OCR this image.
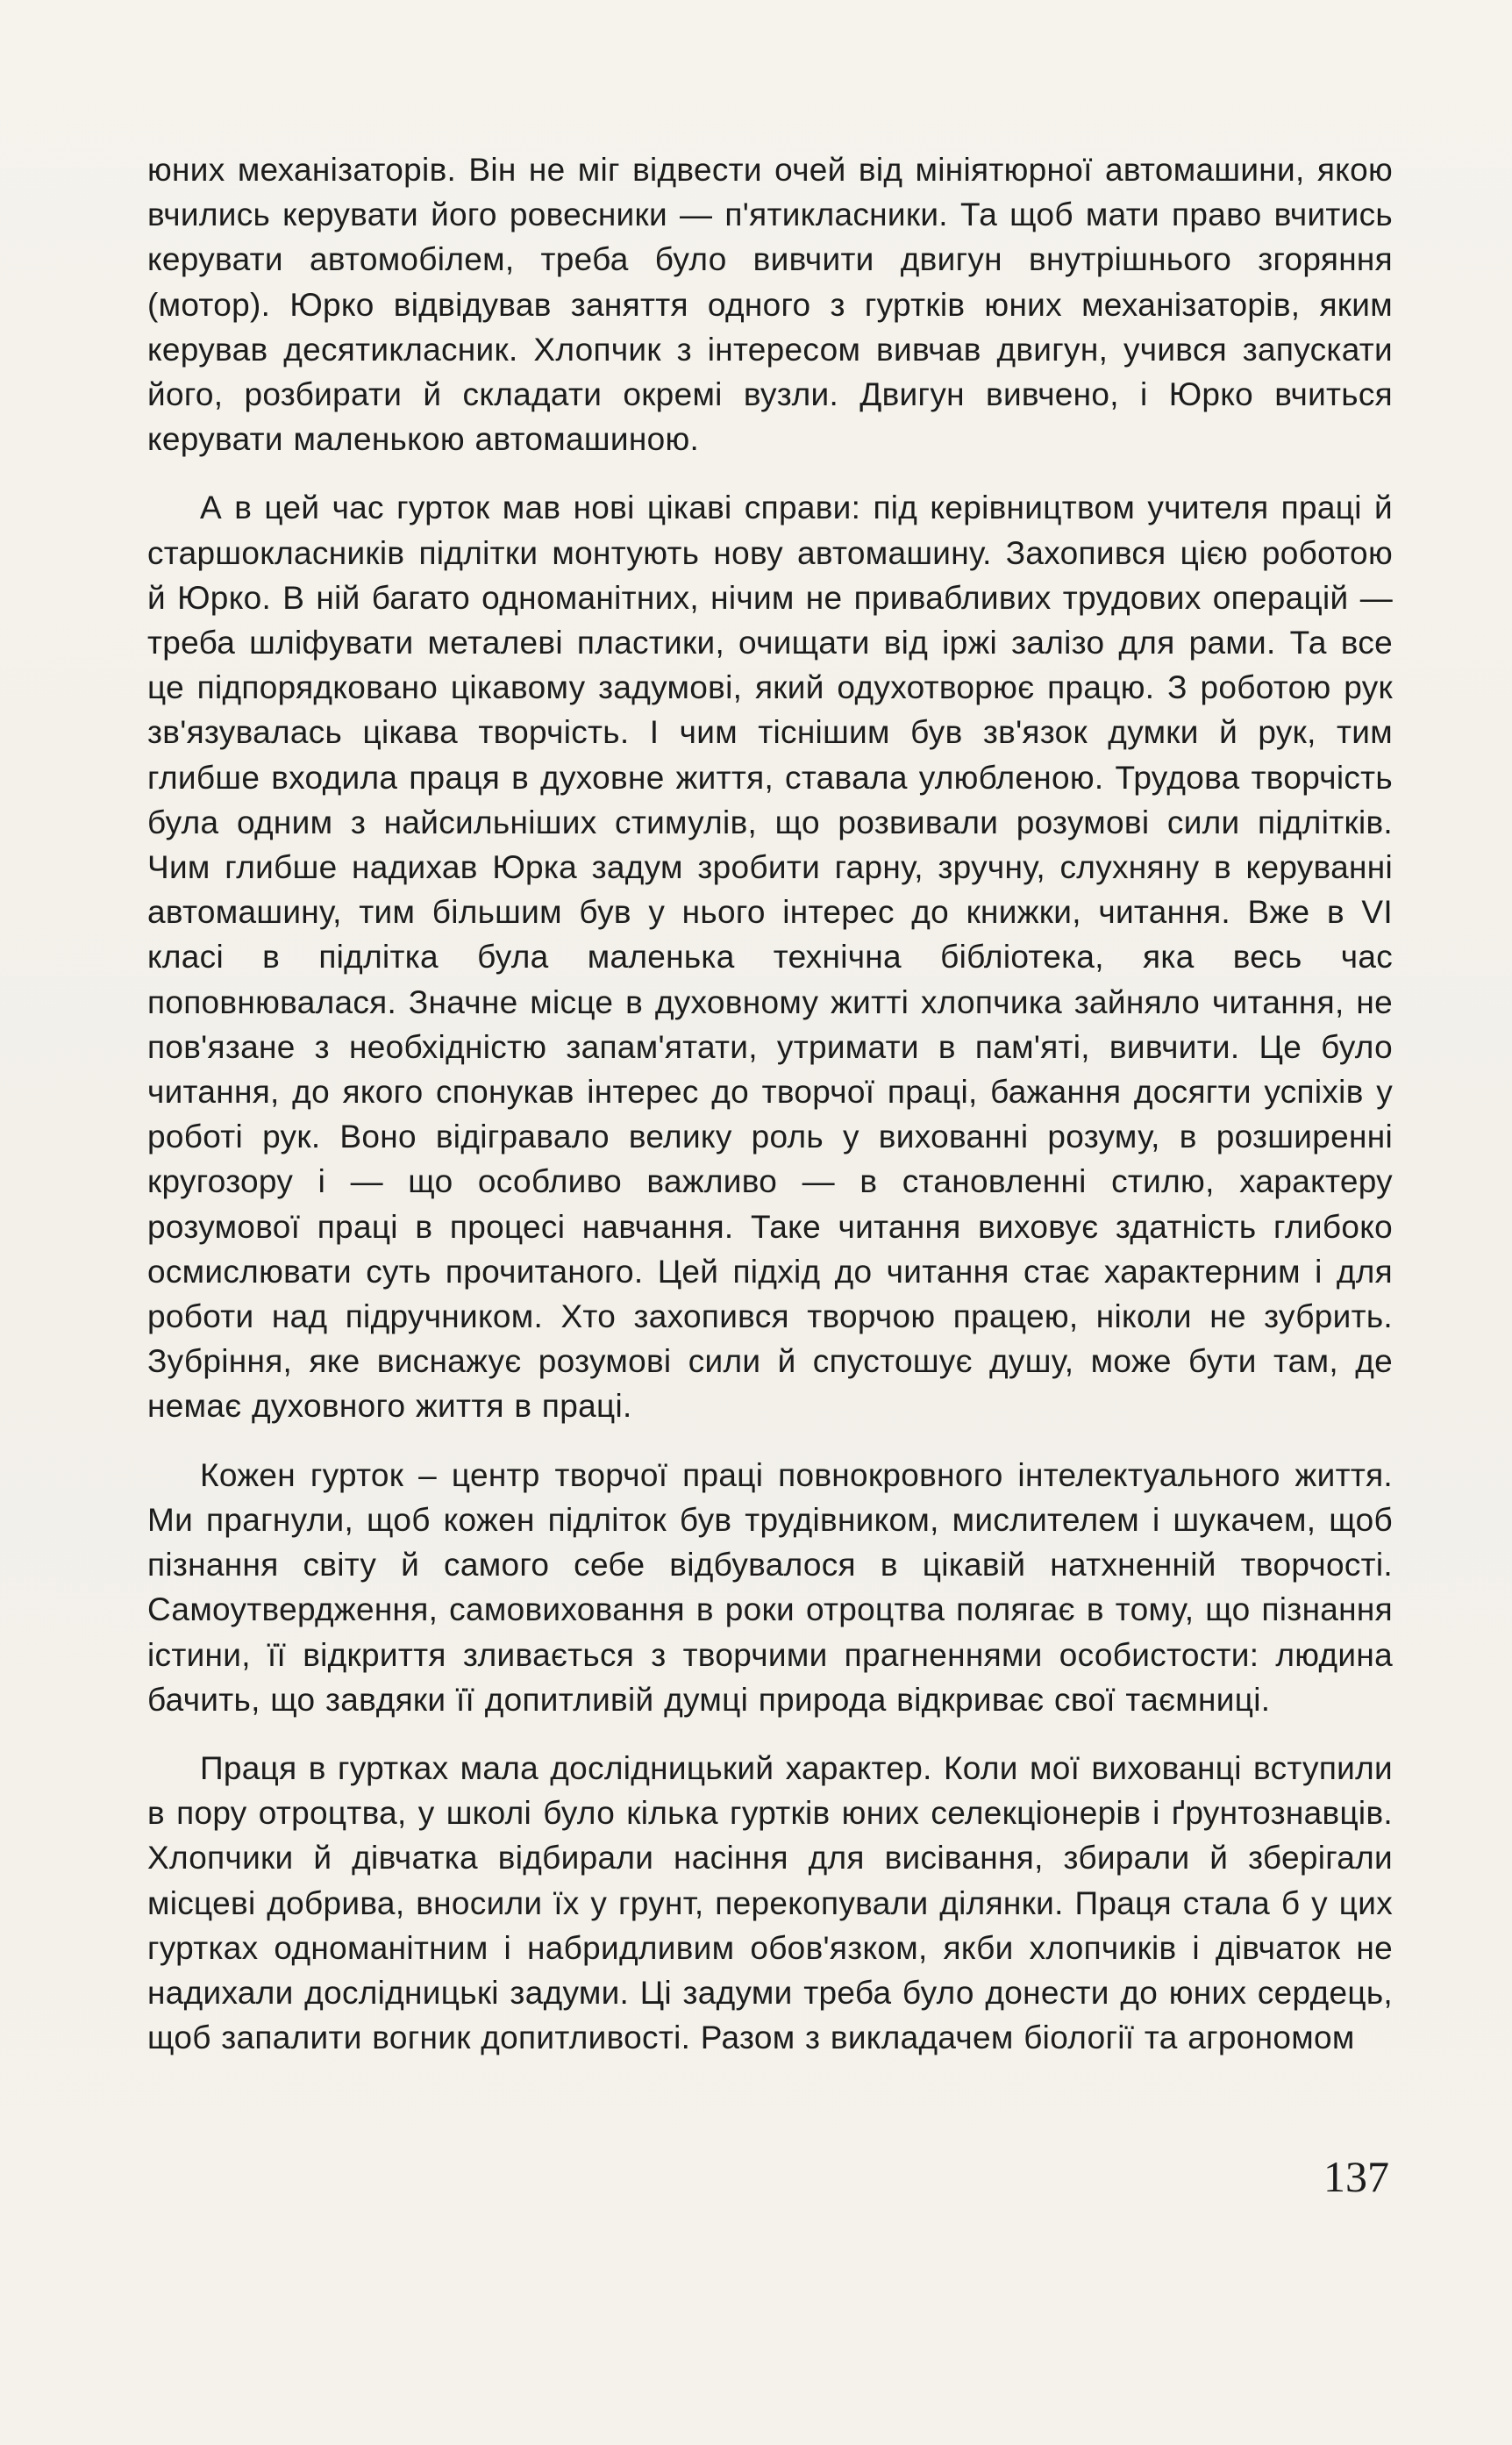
юних механізаторів. Він не міг відвести очей від мініятюрної автомашини, якою вчились керувати його ровесники — п'ятикласники. Та щоб мати право вчитись керувати автомобілем, треба було вивчити двигун внутрішнього згоряння (мотор). Юрко відвідував заняття одного з гуртків юних механізаторів, яким керував десятикласник. Хлопчик з інтересом вивчав двигун, учився запускати його, розбирати й складати окремі вузли. Двигун вивчено, і Юрко вчиться керувати маленькою автомашиною.

А в цей час гурток мав нові цікаві справи: під керівництвом учителя праці й старшокласників підлітки монтують нову автомашину. Захопився цією роботою й Юрко. В ній багато одноманітних, нічим не привабливих трудових операцій — треба шліфувати металеві пластики, очищати від іржі залізо для рами. Та все це підпорядковано цікавому задумові, який одухотворює працю. З роботою рук зв'язувалась цікава творчість. І чим тіснішим був зв'язок думки й рук, тим глибше входила праця в духовне життя, ставала улюбленою. Трудова творчість була одним з найсильніших стимулів, що розвивали розумові сили підлітків. Чим глибше надихав Юрка задум зробити гарну, зручну, слухняну в керуванні автомашину, тим більшим був у нього інтерес до книжки, читання. Вже в VI класі в підлітка була маленька технічна бібліотека, яка весь час поповнювалася. Значне місце в духовному житті хлопчика зайняло читання, не пов'язане з необхідністю запам'ятати, утримати в пам'яті, вивчити. Це було читання, до якого спонукав інтерес до творчої праці, бажання досягти успіхів у роботі рук. Воно відігравало велику роль у вихованні розуму, в розширенні кругозору і — що особливо важливо — в становленні стилю, характеру розумової праці в процесі навчання. Таке читання виховує здатність глибоко осмислювати суть прочитаного. Цей підхід до читання стає характерним і для роботи над підручником. Хто захопився творчою працею, ніколи не зубрить. Зубріння, яке виснажує розумові сили й спустошує душу, може бути там, де немає духовного життя в праці.

Кожен гурток – центр творчої праці повнокровного інтелектуального життя. Ми прагнули, щоб кожен підліток був трудівником, мислителем і шукачем, щоб пізнання світу й самого себе відбувалося в цікавій натхненній творчості. Самоутвердження, самовиховання в роки отроцтва полягає в тому, що пізнання істини, її відкриття зливається з творчими прагненнями особистости: людина бачить, що завдяки її допитливій думці природа відкриває свої таємниці.

Праця в гуртках мала дослідницький характер. Коли мої вихованці вступили в пору отроцтва, у школі було кілька гуртків юних селекціонерів і ґрунтознавців. Хлопчики й дівчатка відбирали насіння для висівання, збирали й зберігали місцеві добрива, вносили їх у грунт, перекопували ділянки. Праця стала б у цих гуртках одноманітним і набридливим обов'язком, якби хлопчиків і дівчаток не надихали дослідницькі задуми. Ці задуми треба було донести до юних сердець, щоб запалити вогник допитливості. Разом з викладачем біології та агрономом

137
